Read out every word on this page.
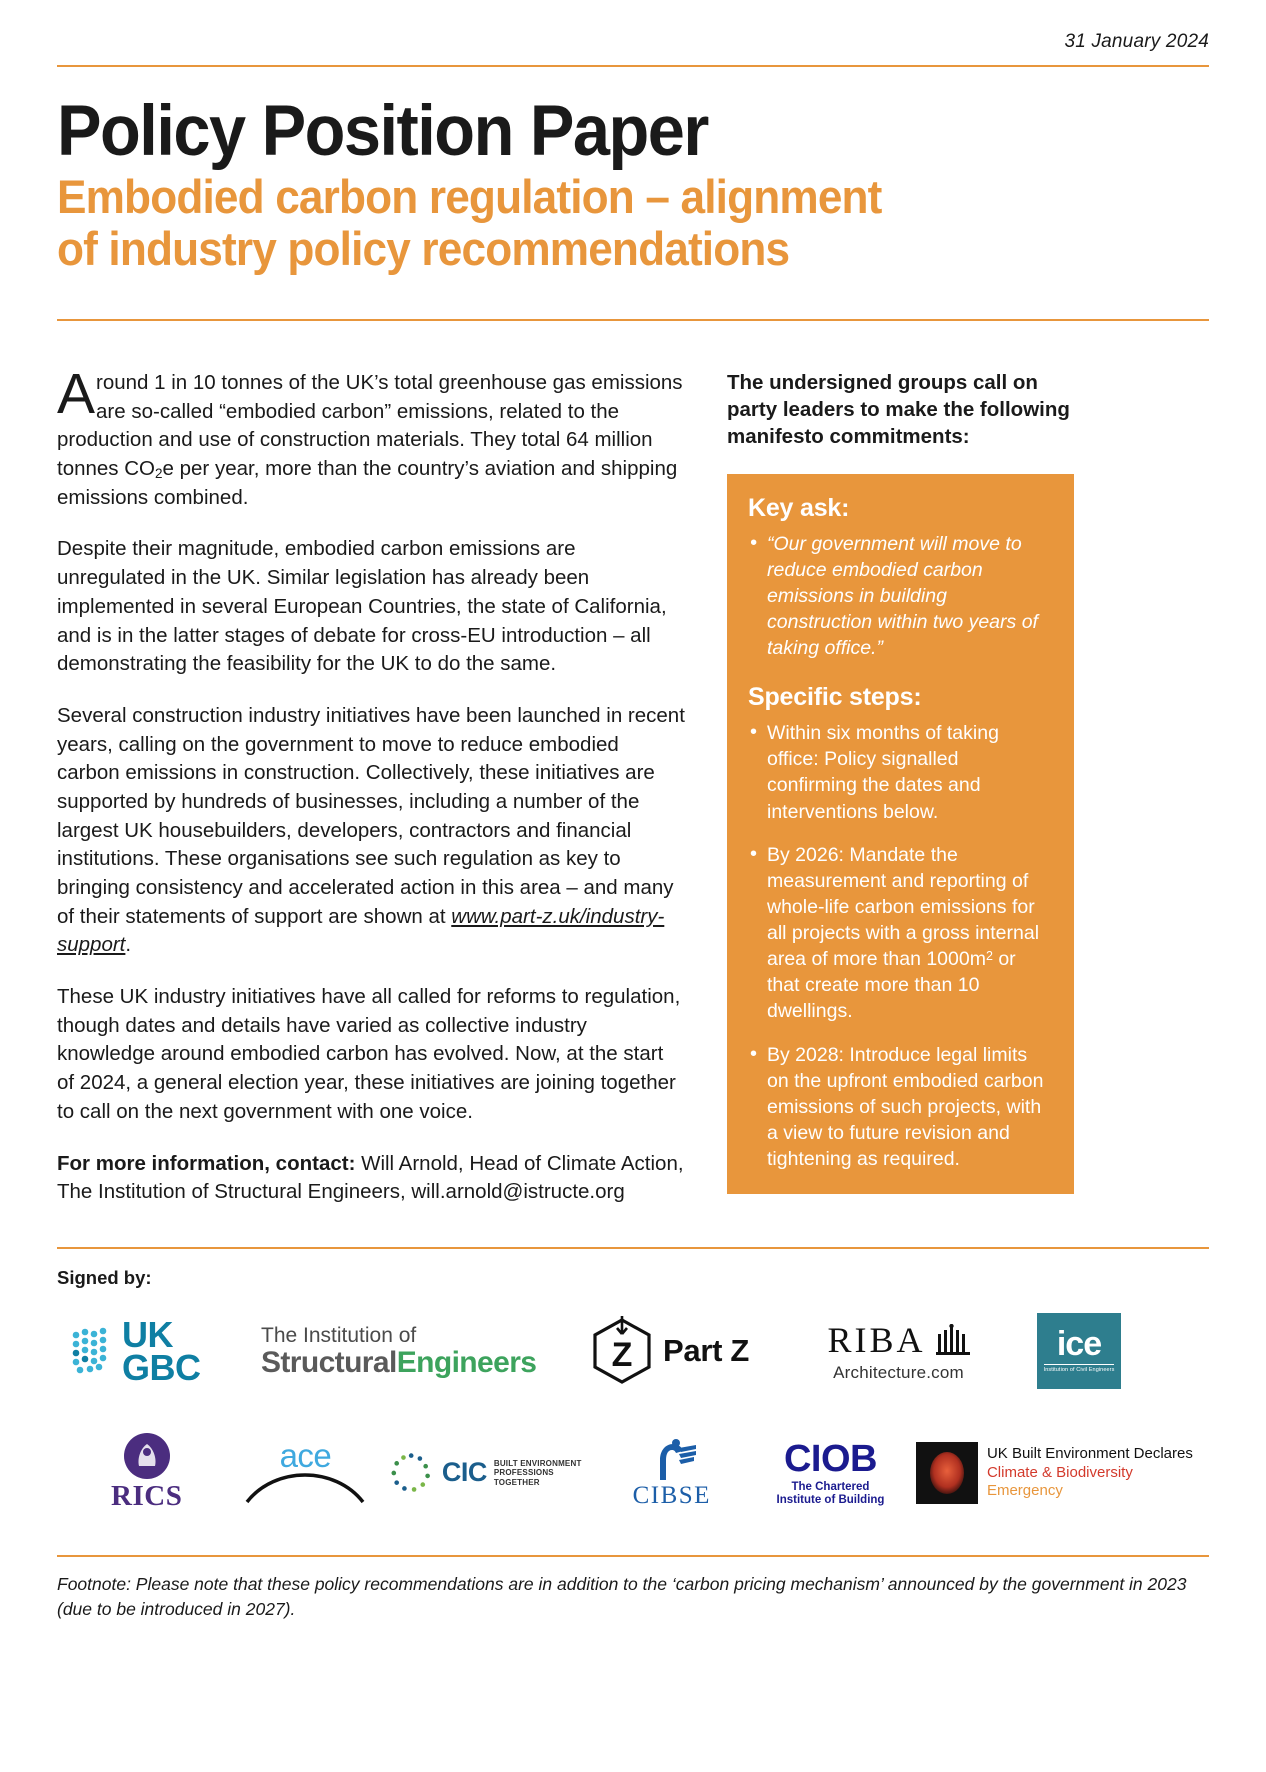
31 January 2024
Policy Position Paper
Embodied carbon regulation – alignment
of industry policy recommendations

Around 1 in 10 tonnes of the UK’s total greenhouse gas emissions are so-called “embodied carbon” emissions, related to the production and use of construction materials. They total 64 million tonnes $CO_2e$ per year, more than the country’s aviation and shipping emissions combined.

Despite their magnitude, embodied carbon emissions are unregulated in the UK. Similar legislation has already been implemented in several European Countries, the state of California, and is in the latter stages of debate for cross-EU introduction – all demonstrating the feasibility for the UK to do the same.

Several construction industry initiatives have been launched in recent years, calling on the government to move to reduce embodied carbon emissions in construction. Collectively, these initiatives are supported by hundreds of businesses, including a number of the largest UK housebuilders, developers, contractors and financial institutions. These organisations see such regulation as key to bringing consistency and accelerated action in this area – and many of their statements of support are shown at www.part-z.uk/industry-support.

These UK industry initiatives have all called for reforms to regulation, though dates and details have varied as collective industry knowledge around embodied carbon has evolved. Now, at the start of 2024, a general election year, these initiatives are joining together to call on the next government with one voice.

For more information, contact: Will Arnold, Head of Climate Action, The Institution of Structural Engineers, will.arnold@istructe.org

The undersigned groups call on party leaders to make the following manifesto commitments:

Key ask:
• “Our government will move to reduce embodied carbon emissions in building construction within two years of taking office.”
Specific steps:
• Within six months of taking office: Policy signalled confirming the dates and interventions below.
• By 2026: Mandate the measurement and reporting of whole-life carbon emissions for all projects with a gross internal area of more than $1000m^2$ or that create more than 10 dwellings.
• By 2028: Introduce legal limits on the upfront embodied carbon emissions of such projects, with a view to future revision and tightening as required.

Signed by:

UK
GBC
The Institution of
StructuralEngineers Z Part Z RIBA
Architecture.com
ice
Institution of Civil Engineers
RICS
ace	CIC BUILT ENVIRONMENT
PROFESSIONS TOGETHER	CIBSE
CIOB
The Chartered
Institute of Building
UK Built Environment Declares
Climate & Biodiversity
Emergency

Footnote: Please note that these policy recommendations are in addition to the ‘carbon pricing mechanism’ announced by the government in 2023 (due to be introduced in 2027).
